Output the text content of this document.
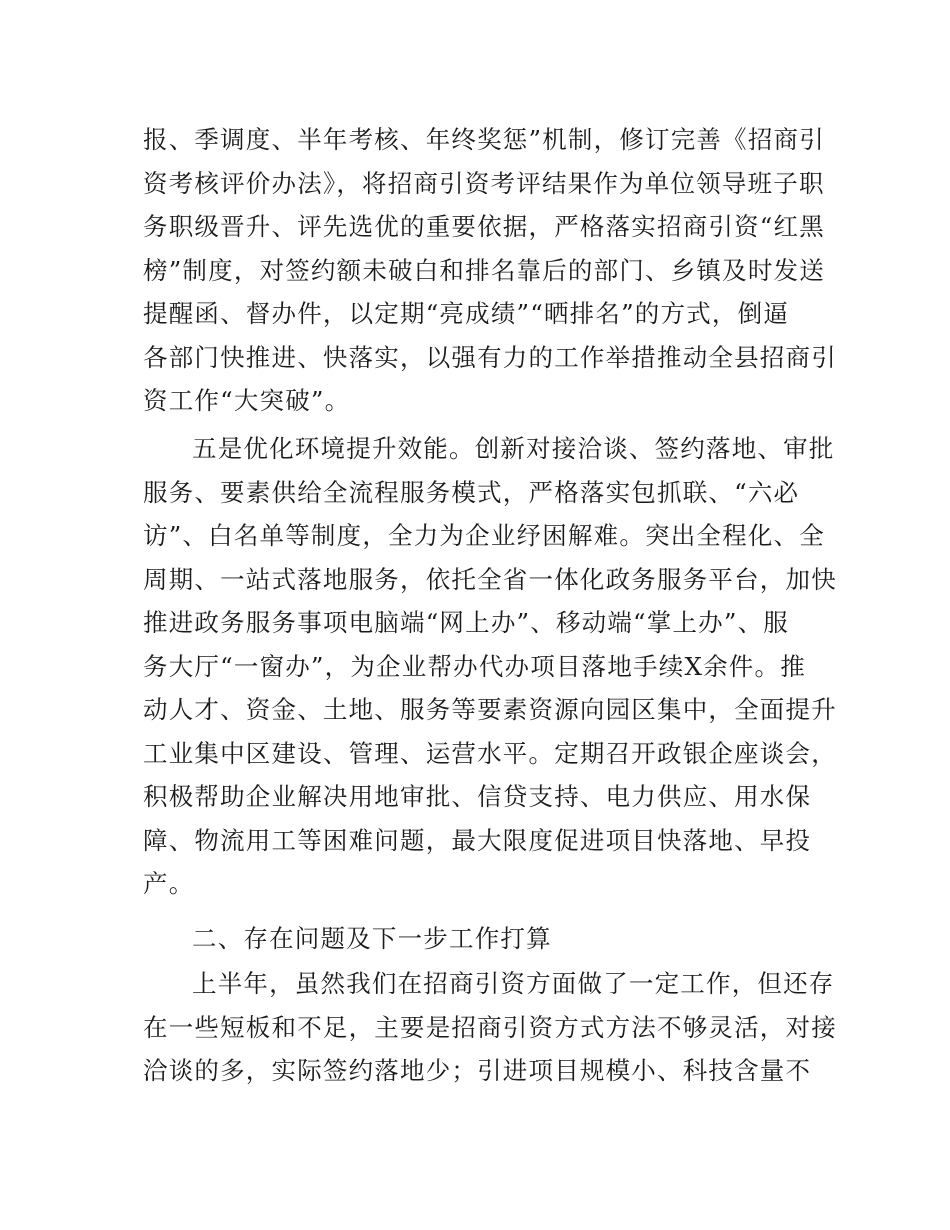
报、季调度、半年考核、年终奖惩”机制，修订完善《招商引
资考核评价办法》，将招商引资考评结果作为单位领导班子职
务职级晋升、评先选优的重要依据，严格落实招商引资“红黑
榜”制度，对签约额未破白和排名靠后的部门、乡镇及时发送
提醒函、督办件，以定期“亮成绩”“晒排名”的方式，倒逼
各部门快推进、快落实，以强有力的工作举措推动全县招商引
资工作“大突破”。
五是优化环境提升效能。创新对接洽谈、签约落地、审批
服务、要素供给全流程服务模式，严格落实包抓联、“六必
访”、白名单等制度，全力为企业纾困解难。突出全程化、全
周期、一站式落地服务，依托全省一体化政务服务平台，加快
推进政务服务事项电脑端“网上办”、移动端“掌上办”、服
务大厅“一窗办”，为企业帮办代办项目落地手续X余件。推
动人才、资金、土地、服务等要素资源向园区集中，全面提升
工业集中区建设、管理、运营水平。定期召开政银企座谈会，
积极帮助企业解决用地审批、信贷支持、电力供应、用水保
障、物流用工等困难问题，最大限度促进项目快落地、早投
产。
二、存在问题及下一步工作打算
上半年，虽然我们在招商引资方面做了一定工作，但还存
在一些短板和不足，主要是招商引资方式方法不够灵活，对接
洽谈的多，实际签约落地少；引进项目规模小、科技含量不
